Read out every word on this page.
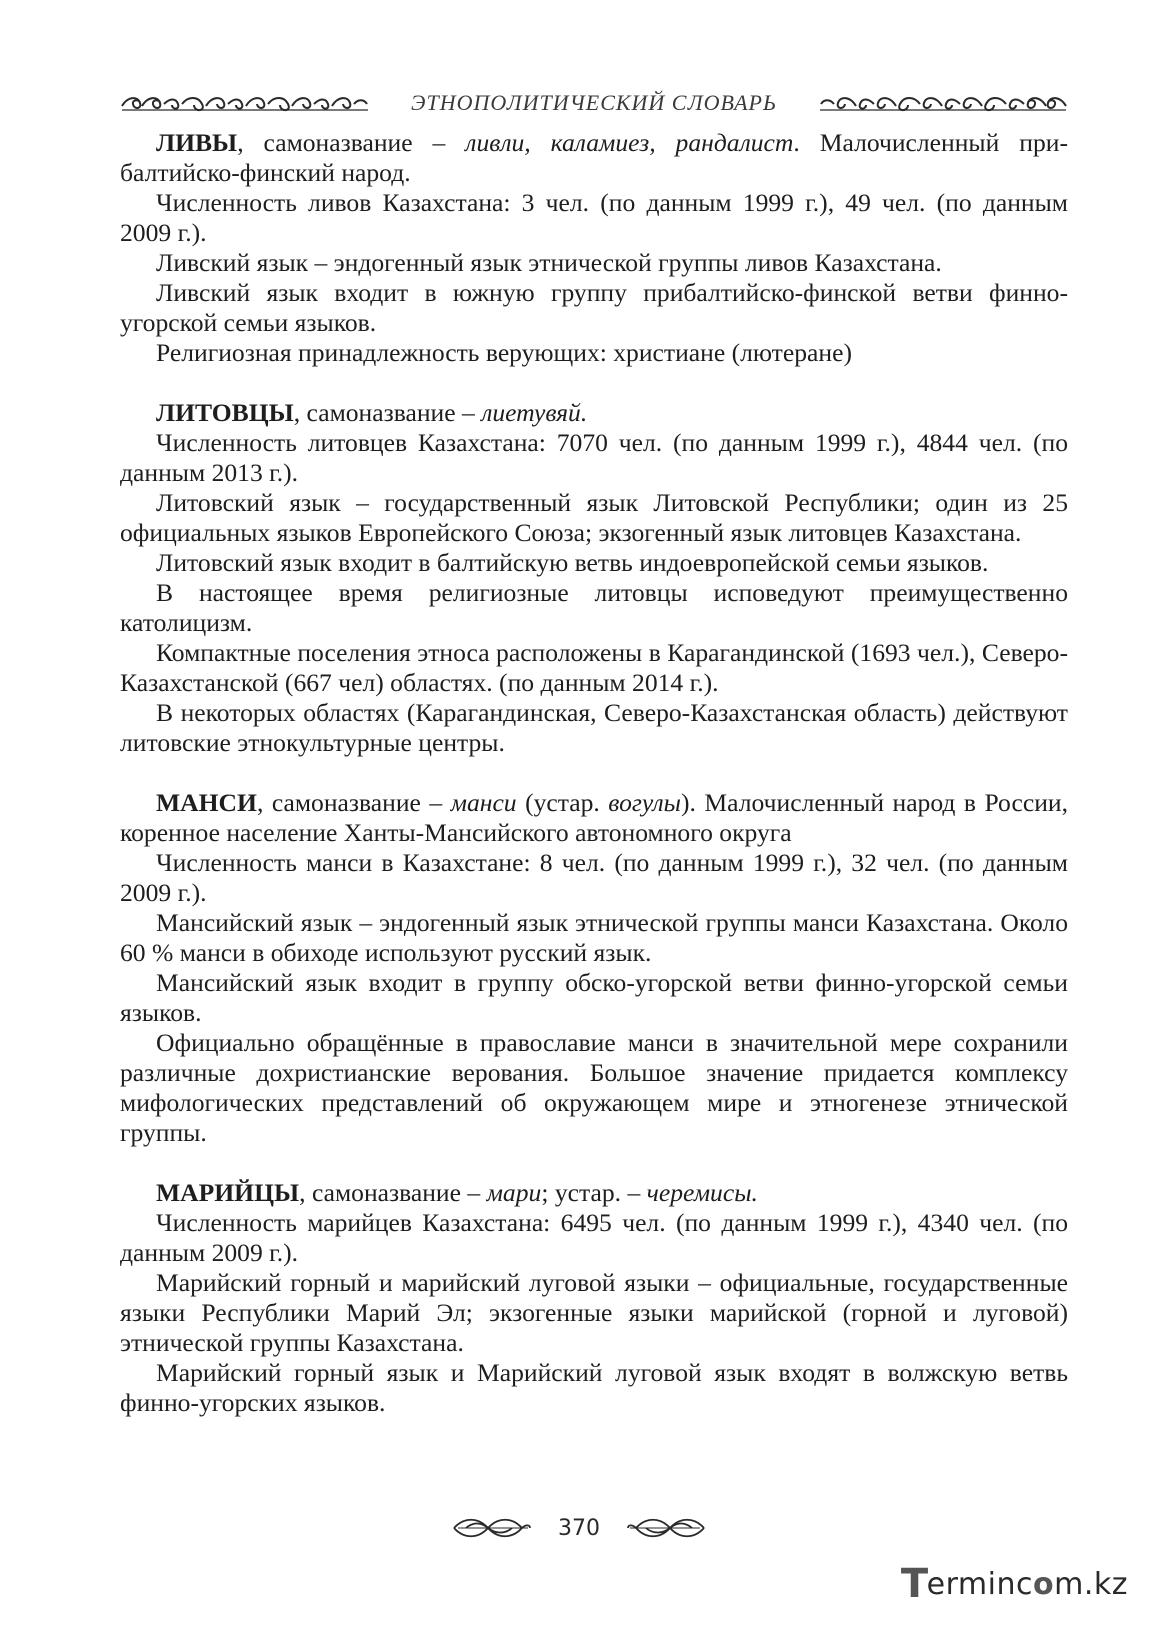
ЭТНОПОЛИТИЧЕСКИЙ СЛОВАРЬ

ЛИВЫ, самоназвание – ливли, каламиез, рандалист. Малочисленный прибалтийско-финский народ.

Численность ливов Казахстана: 3 чел. (по данным 1999 г.), 49 чел. (по данным 2009 г.).

Ливский язык – эндогенный язык этнической группы ливов Казахстана.

Ливский язык входит в южную группу прибалтийско-финской ветви финно-угорской семьи языков.

Религиозная принадлежность верующих: христиане (лютеране)

ЛИТОВЦЫ, самоназвание – лиетувяй.

Численность литовцев Казахстана: 7070 чел. (по данным 1999 г.), 4844 чел. (по данным 2013 г.).

Литовский язык – государственный язык Литовской Республики; один из 25 официальных языков Европейского Союза; экзогенный язык литовцев Казахстана.

Литовский язык входит в балтийскую ветвь индоевропейской семьи языков.

В настоящее время религиозные литовцы исповедуют преимущественно католицизм.

Компактные поселения этноса расположены в Карагандинской (1693 чел.), Северо-Казахстанской (667 чел) областях. (по данным 2014 г.).

В некоторых областях (Карагандинская, Северо-Казахстанская область) действуют литовские этнокультурные центры.

МАНСИ, самоназвание – манси (устар. вогулы). Малочисленный народ в России, коренное население Ханты-Мансийского автономного округа

Численность манси в Казахстане: 8 чел. (по данным 1999 г.), 32 чел. (по данным 2009 г.).

Мансийский язык – эндогенный язык этнической группы манси Казахстана. Около 60 % манси в обиходе используют русский язык.

Мансийский язык входит в группу обско-угорской ветви финно-угорской семьи языков.

Официально обращённые в православие манси в значительной мере сохранили различные дохристианские верования. Большое значение придается комплексу мифологических представлений об окружающем мире и этногенезе этнической группы.

МАРИЙЦЫ, самоназвание – мари; устар. – черемисы.

Численность марийцев Казахстана: 6495 чел. (по данным 1999 г.), 4340 чел. (по данным 2009 г.).

Марийский горный и марийский луговой языки – официальные, государственные языки Республики Марий Эл; экзогенные языки марийской (горной и луговой) этнической группы Казахстана.

Марийский горный язык и Марийский луговой язык входят в волжскую ветвь финно-угорских языков.

370
T
erminc o m.kz
